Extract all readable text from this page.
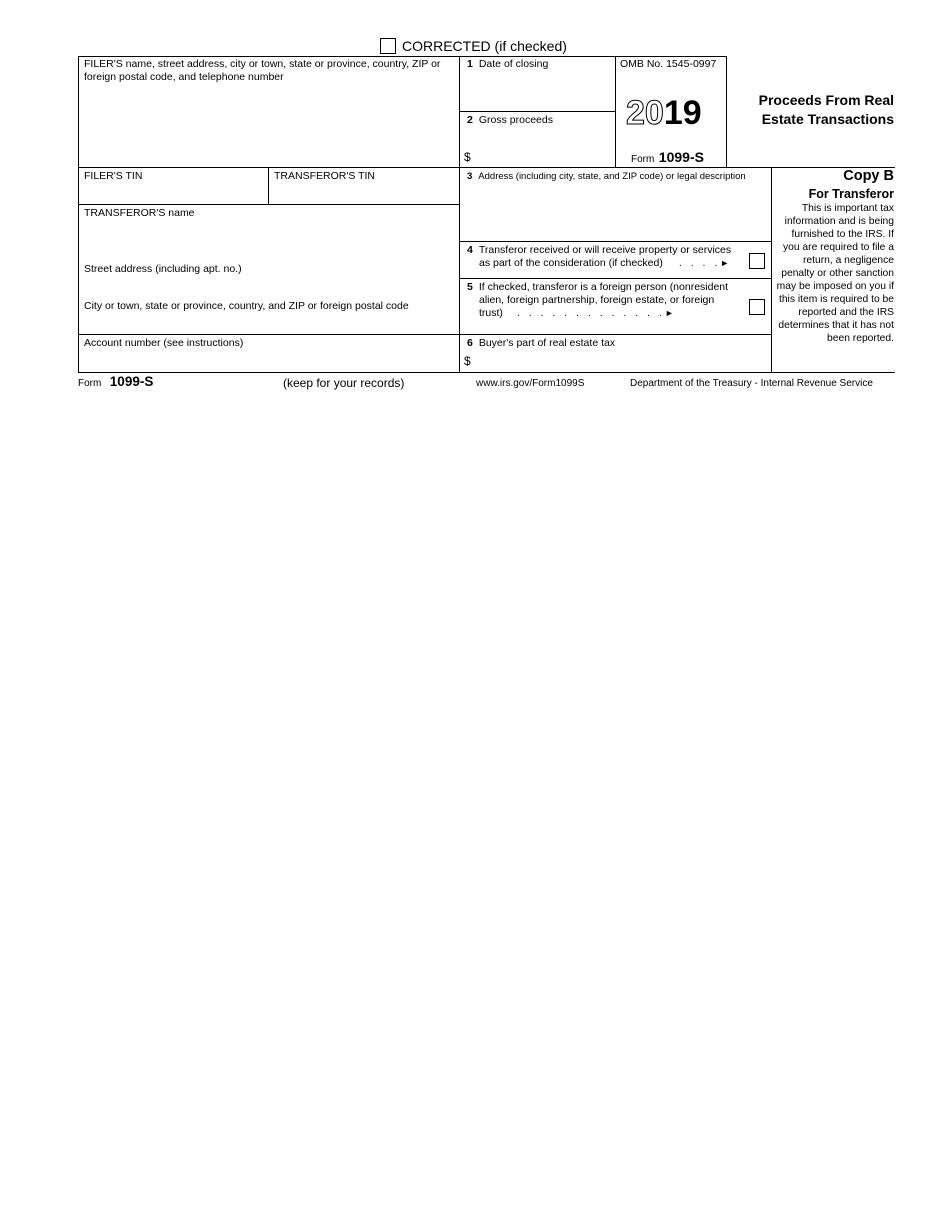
CORRECTED (if checked)
FILER'S name, street address, city or town, state or province, country, ZIP or foreign postal code, and telephone number
1 Date of closing
2 Gross proceeds
$
OMB No. 1545-0997
2019
Form 1099-S
Proceeds From Real
Estate Transactions
FILER'S TIN	TRANSFEROR'S TIN	3 Address (including city, state, and ZIP code) or legal description	Copy B
For Transferor
This is important tax information and is being furnished to the IRS. If you are required to file a return, a negligence penalty or other sanction may be imposed on you if this item is required to be reported and the IRS determines that it has not been reported.
TRANSFEROR'S name
4 Transferor received or will receive property or services
as part of the consideration (if checked) . . . .►
Street address (including apt. no.)
5 If checked, transferor is a foreign person (nonresident
alien, foreign partnership, foreign estate, or foreign
trust) . . . . . . . . . . . . .►
City or town, state or province, country, and ZIP or foreign postal code
Account number (see instructions)	6 Buyer's part of real estate tax
$
Form 1099-S	(keep for your records)	www.irs.gov/Form1099S	Department of the Treasury - Internal Revenue Service
